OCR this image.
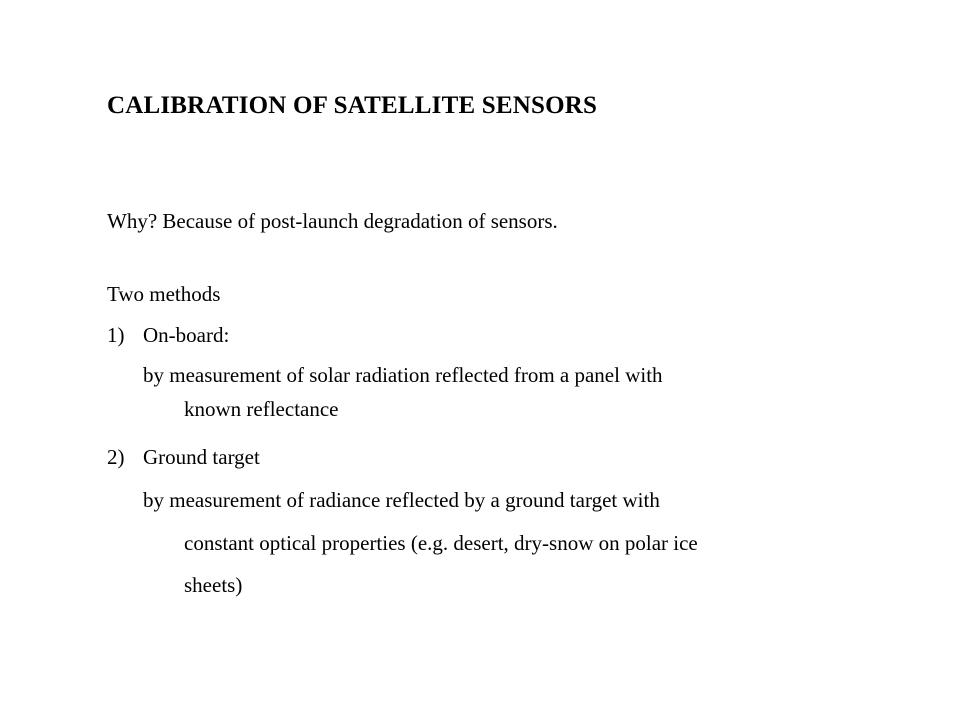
CALIBRATION OF SATELLITE SENSORS
Why? Because of post-launch degradation of sensors.
Two methods
1) On-board:
by measurement of solar radiation reflected from a panel with
known reflectance
2) Ground target
by measurement of radiance reflected by a ground target with
constant optical properties (e.g. desert, dry-snow on polar ice
sheets)
